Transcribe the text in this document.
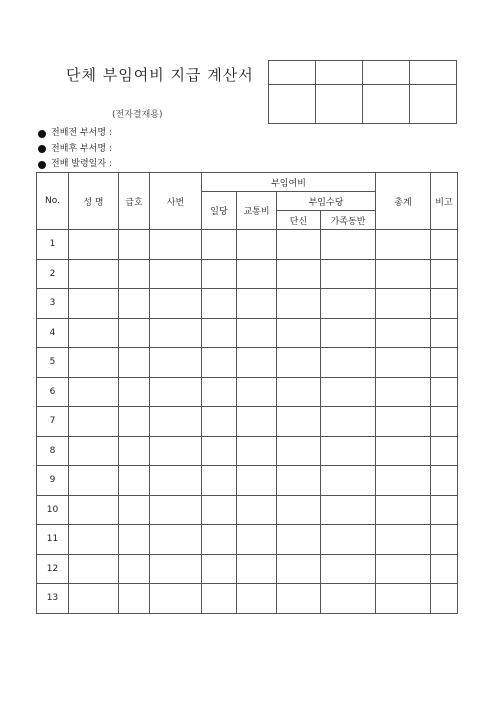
단체 부임여비 지급 계산서
(전자결재용)

전배전 부서명 :
전배후 부서명 :
전배 발령일자 :
No.	성 명	급호	사번	부임여비				총계	비고
				일당	교통비	부임수당			
						단신	가족동반		
1									
2									
3									
4									
5									
6									
7									
8									
9									
10									
11									
12									
13									
